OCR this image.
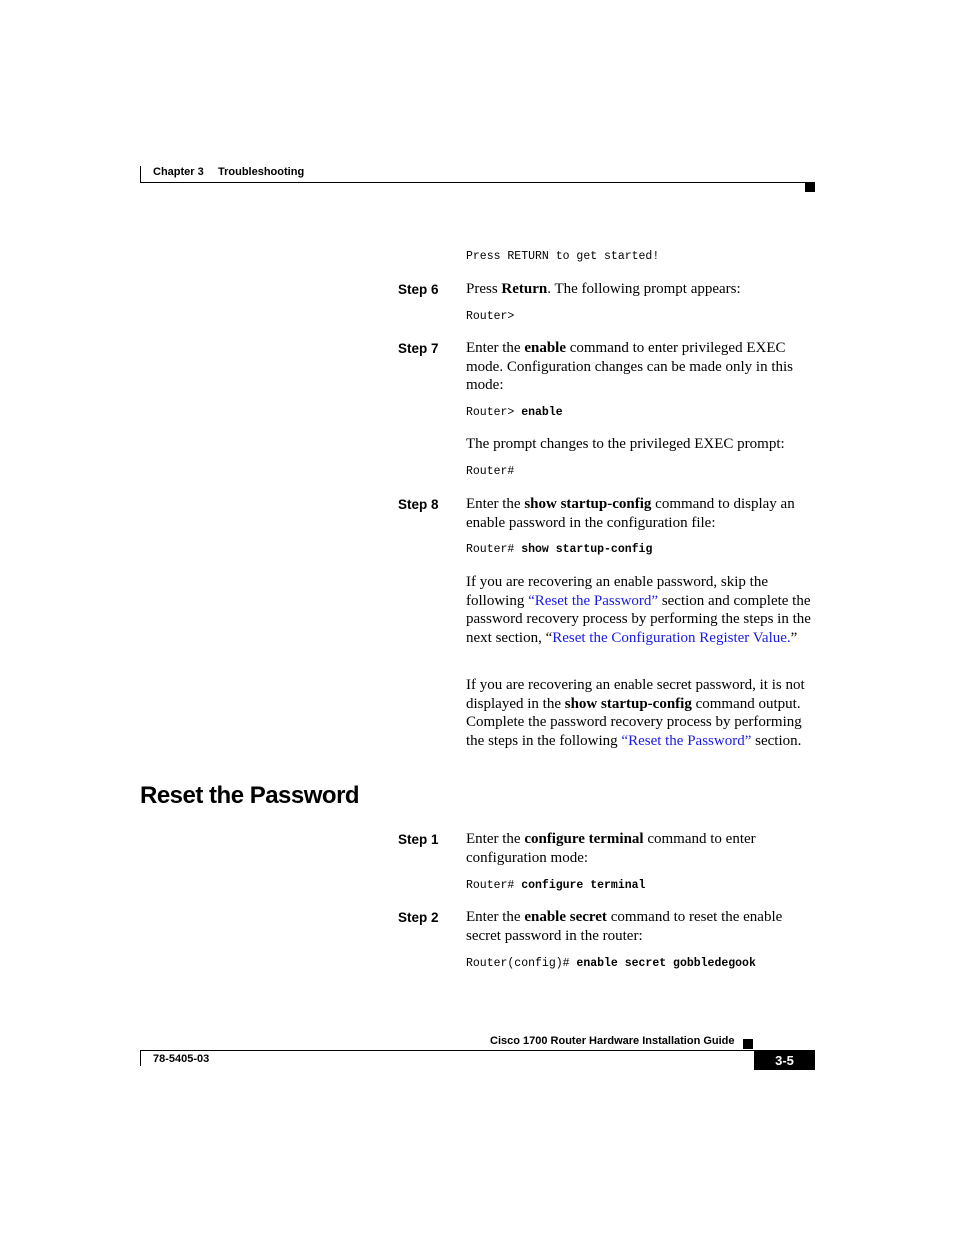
Chapter 3 Troubleshooting
Press RETURN to get started!
Step 6 Press Return. The following prompt appears:
Router>
Step 7 Enter the enable command to enter privileged EXEC mode. Configuration changes can be made only in this mode:
Router> enable
The prompt changes to the privileged EXEC prompt:
Router#
Step 8 Enter the show startup-config command to display an enable password in the configuration file:
Router# show startup-config
If you are recovering an enable password, skip the following “Reset the Password” section and complete the password recovery process by performing the steps in the next section, “Reset the Configuration Register Value.”
If you are recovering an enable secret password, it is not displayed in the show startup-config command output. Complete the password recovery process by performing the steps in the following “Reset the Password” section.
Reset the Password
Step 1 Enter the configure terminal command to enter configuration mode:
Router# configure terminal
Step 2 Enter the enable secret command to reset the enable secret password in the router:
Router(config)# enable secret gobbledegook
Cisco 1700 Router Hardware Installation Guide
78-5405-03	3-5
